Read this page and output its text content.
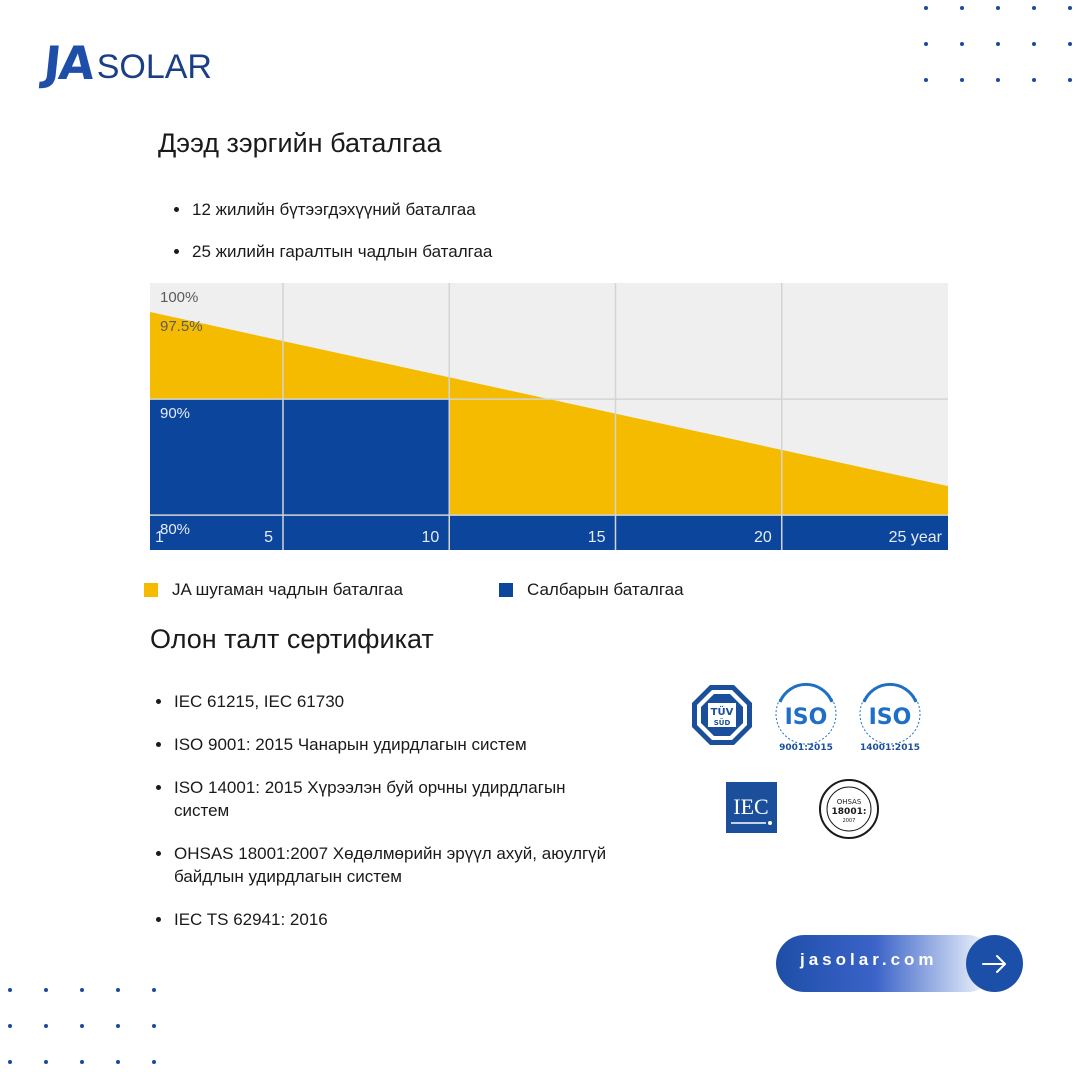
JA SOLAR
Дээд зэргийн баталгаа
12 жилийн бүтээгдэхүүний баталгаа
25 жилийн гаралтын чадлын баталгаа
100%
97.5%
90%
80%
1	5	10	15	20	25 year
JA шугаман чадлын баталгаа	Салбарын баталгаа
Олон талт сертификат
IEC 61215, IEC 61730
ISO 9001: 2015 Чанарын удирдлагын систем
ISO 14001: 2015 Хүрээлэн буй орчны удирдлагын систем
OHSAS 18001:2007 Хөдөлмөрийн эрүүл ахуй, аюулгүй байдлын удирдлагын систем
IEC TS 62941: 2016
TÜV
SÜD ISO
9001:2015
ISO
14001:2015
IEC	OHSAS
18001:
2007
jasolar.com
